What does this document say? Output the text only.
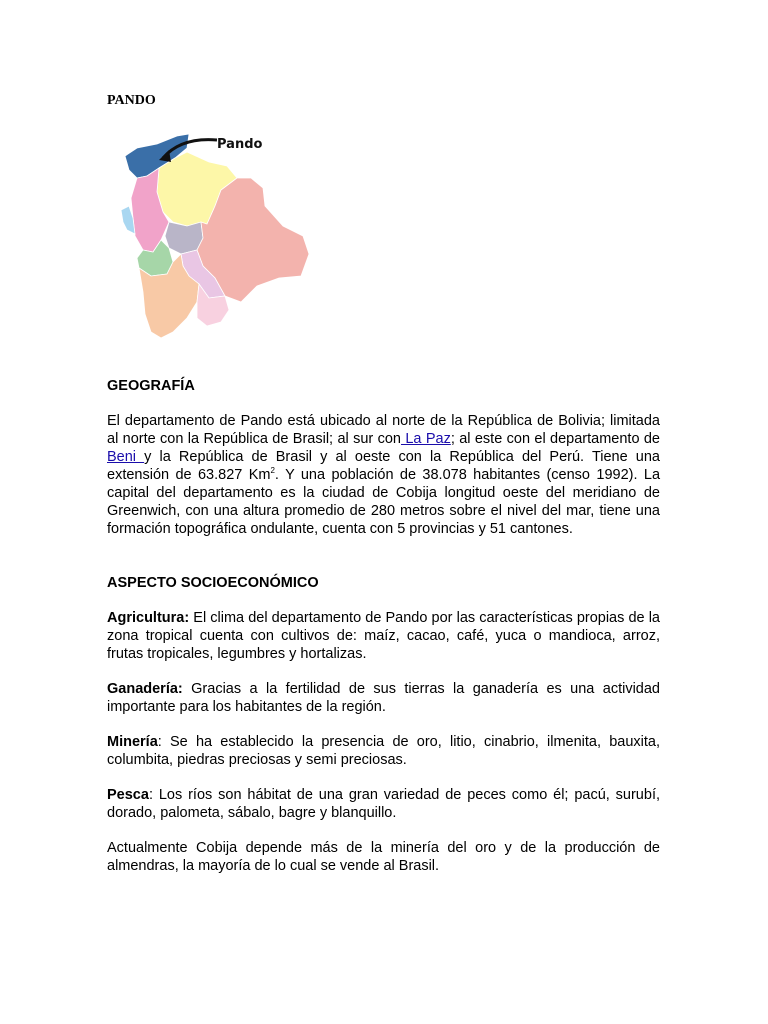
PANDO
Pando
GEOGRAFÍA

El departamento de Pando está ubicado al norte de la República de Bolivia; limitada al norte con la República de Brasil; al sur con La Paz; al este con el departamento de Beni y la República de Brasil y al oeste con la República del Perú. Tiene una extensión de 63.827 Km$^2$. Y una población de 38.078 habitantes (censo 1992). La capital del departamento es la ciudad de Cobija longitud oeste del meridiano de Greenwich, con una altura promedio de 280 metros sobre el nivel del mar, tiene una formación topográfica ondulante, cuenta con 5 provincias y 51 cantones.

ASPECTO SOCIOECONÓMICO

Agricultura: El clima del departamento de Pando por las características propias de la zona tropical cuenta con cultivos de: maíz, cacao, café, yuca o mandioca, arroz, frutas tropicales, legumbres y hortalizas.

Ganadería: Gracias a la fertilidad de sus tierras la ganadería es una actividad importante para los habitantes de la región.

Minería: Se ha establecido la presencia de oro, litio, cinabrio, ilmenita, bauxita, columbita, piedras preciosas y semi preciosas.

Pesca: Los ríos son hábitat de una gran variedad de peces como él; pacú, surubí, dorado, palometa, sábalo, bagre y blanquillo.

Actualmente Cobija depende más de la minería del oro y de la producción de almendras, la mayoría de lo cual se vende al Brasil.
